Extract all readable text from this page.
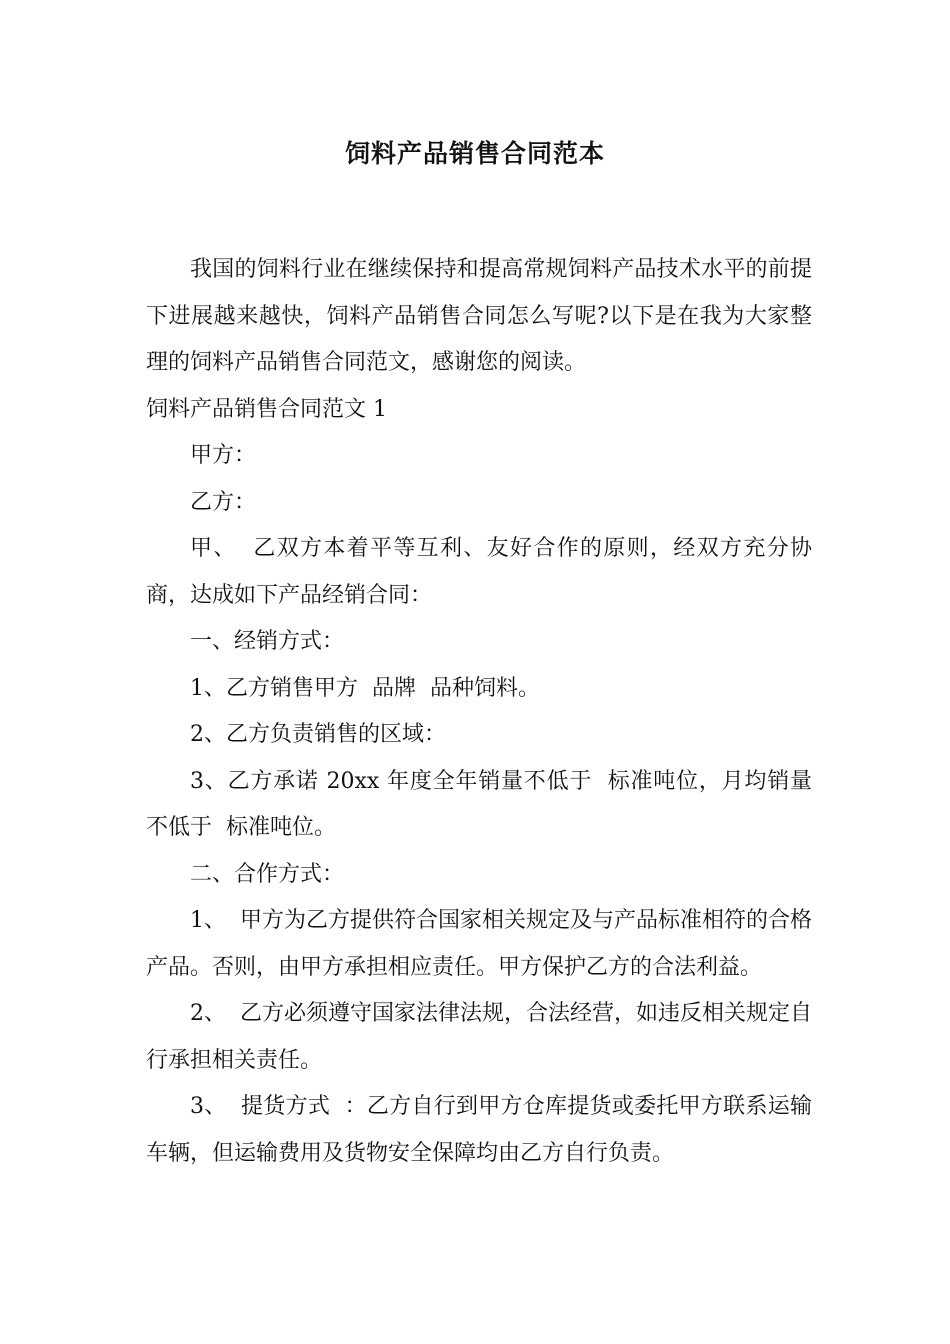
饲料产品销售合同范本

我国的饲料行业在继续保持和提高常规饲料产品技术水平的前提下进展越来越快，饲料产品销售合同怎么写呢?以下是在我为大家整理的饲料产品销售合同范文，感谢您的阅读。

饲料产品销售合同范文 1

甲方：

乙方：

甲、  乙双方本着平等互利、友好合作的原则，经双方充分协商，达成如下产品经销合同：

一、经销方式：

1、乙方销售甲方  品牌  品种饲料。

2、乙方负责销售的区域：

3、乙方承诺 20xx 年度全年销量不低于  标准吨位，月均销量不低于  标准吨位。

二、合作方式：

1、  甲方为乙方提供符合国家相关规定及与产品标准相符的合格产品。否则，由甲方承担相应责任。甲方保护乙方的合法利益。

2、  乙方必须遵守国家法律法规，合法经营，如违反相关规定自行承担相关责任。

3、  提货方式  ：乙方自行到甲方仓库提货或委托甲方联系运输车辆，但运输费用及货物安全保障均由乙方自行负责。
